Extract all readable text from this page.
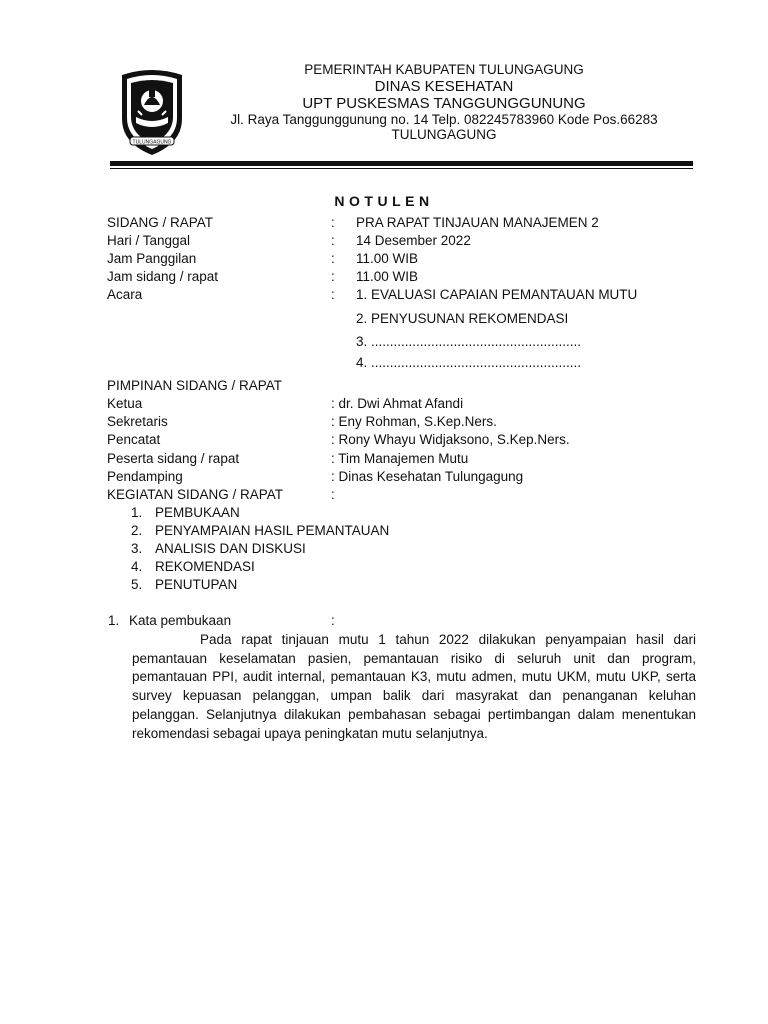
TULUNGAGUNG
PEMERINTAH KABUPATEN TULUNGAGUNG
DINAS KESEHATAN
UPT PUSKESMAS TANGGUNGGUNUNG
Jl. Raya Tanggunggunung no. 14 Telp. 082245783960 Kode Pos.66283
TULUNGAGUNG
NOTULEN
SIDANG / RAPAT	: PRA RAPAT TINJAUAN MANAJEMEN 2
Hari / Tanggal	: 14 Desember 2022
Jam Panggilan	: 11.00 WIB
Jam sidang / rapat	: 11.00 WIB
Acara	: 1. EVALUASI CAPAIAN PEMANTAUAN MUTU
2. PENYUSUNAN REKOMENDASI
3. ........................................................
4. ........................................................
PIMPINAN SIDANG / RAPAT
Ketua	: dr. Dwi Ahmat Afandi
Sekretaris	: Eny Rohman, S.Kep.Ners.
Pencatat	: Rony Whayu Widjaksono, S.Kep.Ners.
Peserta sidang / rapat	: Tim Manajemen Mutu
Pendamping	: Dinas Kesehatan Tulungagung
KEGIATAN SIDANG / RAPAT	:
1. PEMBUKAAN
2. PENYAMPAIAN HASIL PEMANTAUAN
3. ANALISIS DAN DISKUSI
4. REKOMENDASI
5. PENUTUPAN
1. Kata pembukaan	:
Pada rapat tinjauan mutu 1 tahun 2022 dilakukan penyampaian hasil dari pemantauan keselamatan pasien, pemantauan risiko di seluruh unit dan program, pemantauan PPI, audit internal, pemantauan K3, mutu admen, mutu UKM, mutu UKP, serta survey kepuasan pelanggan, umpan balik dari masyrakat dan penanganan keluhan pelanggan. Selanjutnya dilakukan pembahasan sebagai pertimbangan dalam menentukan rekomendasi sebagai upaya peningkatan mutu selanjutnya.
